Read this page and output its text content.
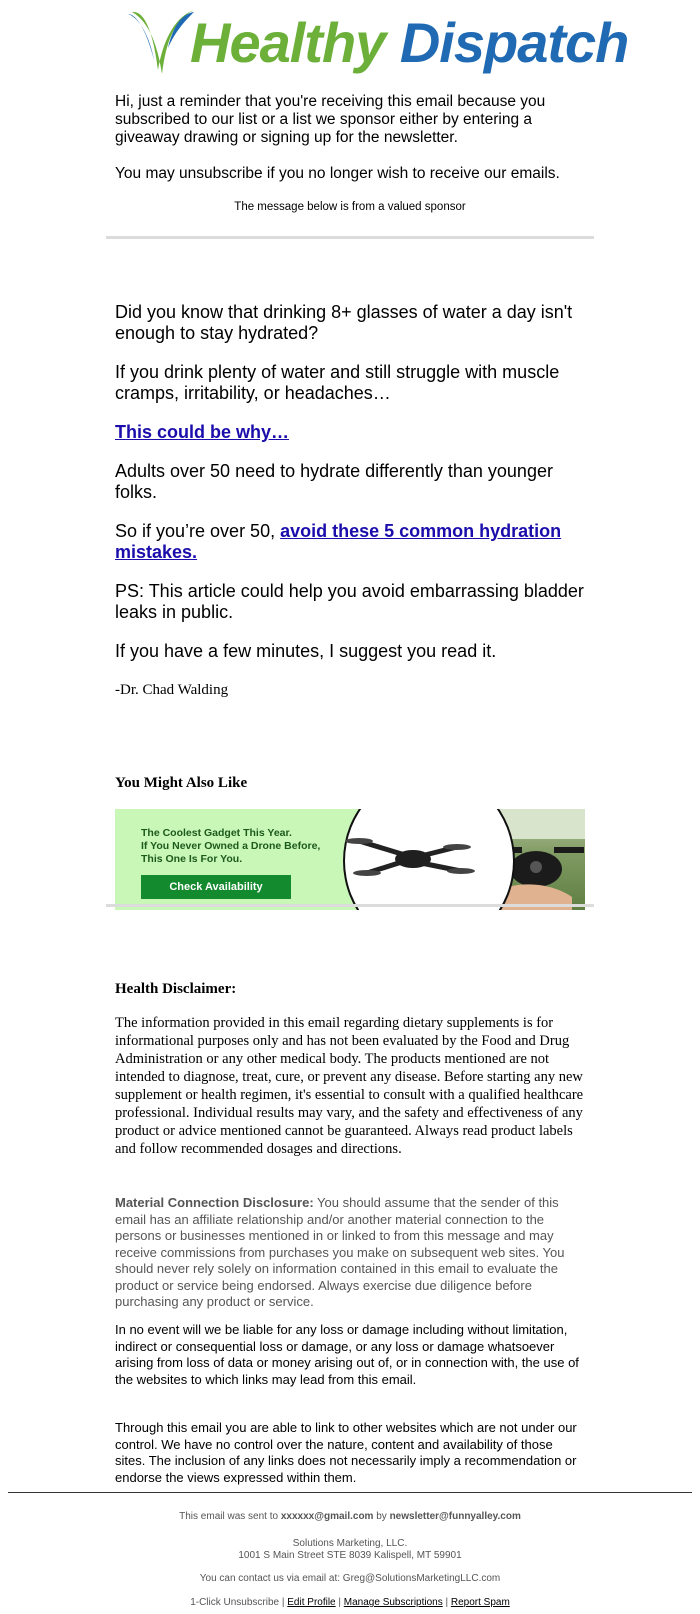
Healthy Dispatch

Hi, just a reminder that you're receiving this email because you subscribed to our list or a list we sponsor either by entering a giveaway drawing or signing up for the newsletter.

You may unsubscribe if you no longer wish to receive our emails.

The message below is from a valued sponsor

Did you know that drinking 8+ glasses of water a day isn't enough to stay hydrated?

If you drink plenty of water and still struggle with muscle cramps, irritability, or headaches…

This could be why…

Adults over 50 need to hydrate differently than younger folks.

So if you’re over 50, avoid these 5 common hydration mistakes.

PS: This article could help you avoid embarrassing bladder leaks in public.

If you have a few minutes, I suggest you read it.

-Dr. Chad Walding

You Might Also Like
The Coolest Gadget This Year.
If You Never Owned a Drone Before,
This One Is For You.
Check Availability
Health Disclaimer:
The information provided in this email regarding dietary supplements is for informational purposes only and has not been evaluated by the Food and Drug Administration or any other medical body. The products mentioned are not intended to diagnose, treat, cure, or prevent any disease. Before starting any new supplement or health regimen, it's essential to consult with a qualified healthcare professional. Individual results may vary, and the safety and effectiveness of any product or advice mentioned cannot be guaranteed. Always read product labels and follow recommended dosages and directions.
Material Connection Disclosure: You should assume that the sender of this email has an affiliate relationship and/or another material connection to the persons or businesses mentioned in or linked to from this message and may receive commissions from purchases you make on subsequent web sites. You should never rely solely on information contained in this email to evaluate the product or service being endorsed. Always exercise due diligence before purchasing any product or service.
In no event will we be liable for any loss or damage including without limitation, indirect or consequential loss or damage, or any loss or damage whatsoever arising from loss of data or money arising out of, or in connection with, the use of the websites to which links may lead from this email.
Through this email you are able to link to other websites which are not under our control. We have no control over the nature, content and availability of those sites. The inclusion of any links does not necessarily imply a recommendation or endorse the views expressed within them.
This email was sent to xxxxxx@gmail.com by newsletter@funnyalley.com
Solutions Marketing, LLC.
1001 S Main Street STE 8039 Kalispell, MT 59901
You can contact us via email at: Greg@SolutionsMarketingLLC.com
1-Click Unsubscribe | Edit Profile | Manage Subscriptions | Report Spam
